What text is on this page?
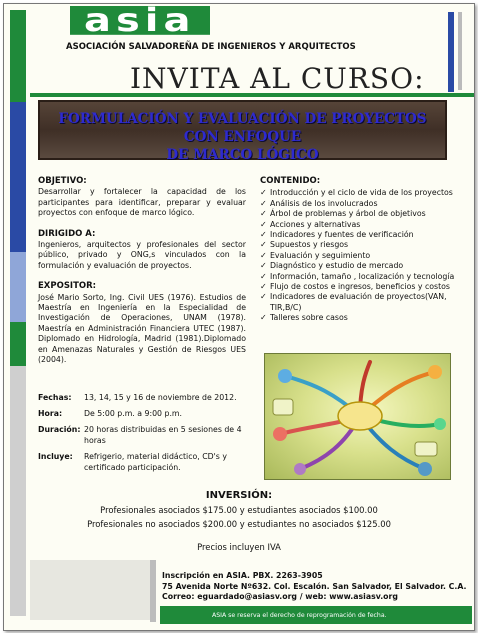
asia
ASOCIACIÓN SALVADOREÑA DE INGENIEROS Y ARQUITECTOS
INVITA AL CURSO:
FORMULACIÓN Y EVALUACIÓN DE PROYECTOS CON ENFOQUE
DE MARCO LÓGICO
OBJETIVO:

Desarrollar y fortalecer la capacidad de los participantes para identificar, preparar y evaluar proyectos con enfoque de marco lógico.

DIRIGIDO A:

Ingenieros, arquitectos y profesionales del sector público, privado y ONG,s vinculados con la formulación y evaluación de proyectos.

EXPOSITOR:

José Mario Sorto, Ing. Civil UES (1976). Estudios de Maestría en Ingeniería en la Especialidad de Investigación de Operaciones, UNAM (1978). Maestría en Administración Financiera UTEC (1987). Diplomado en Hidrología, Madrid (1981).Diplomado en Amenazas Naturales y Gestión de Riesgos UES (2004).

CONTENIDO:
✓ Introducción y el ciclo de vida de los proyectos
✓ Análisis de los involucrados
✓ Árbol de problemas y árbol de objetivos
✓ Acciones y alternativas
✓ Indicadores y fuentes de verificación
✓ Supuestos y riesgos
✓ Evaluación y seguimiento
✓ Diagnóstico y estudio de mercado
✓ Información, tamaño , localización y tecnología
✓ Flujo de costos e ingresos, beneficios y costos
✓ Indicadores de evaluación de proyectos(VAN, TIR,B/C)
✓ Talleres sobre casos
Fechas:	13, 14, 15 y 16 de noviembre de 2012.
Hora:	De 5:00 p.m. a 9:00 p.m.
Duración: 20 horas distribuidas en 5 sesiones de 4 horas
Incluye:	Refrigerio, material didáctico, CD's y certificado participación.
INVERSIÓN:
Profesionales asociados $175.00 y estudiantes asociados $100.00
Profesionales no asociados $200.00 y estudiantes no asociados $125.00
Precios incluyen IVA
Inscripción en ASIA. PBX. 2263-3905
75 Avenida Norte Nº632. Col. Escalón. San Salvador, El Salvador. C.A.
Correo: eguardado@asiasv.org / web: www.asiasv.org
ASIA se reserva el derecho de reprogramación de fecha.
